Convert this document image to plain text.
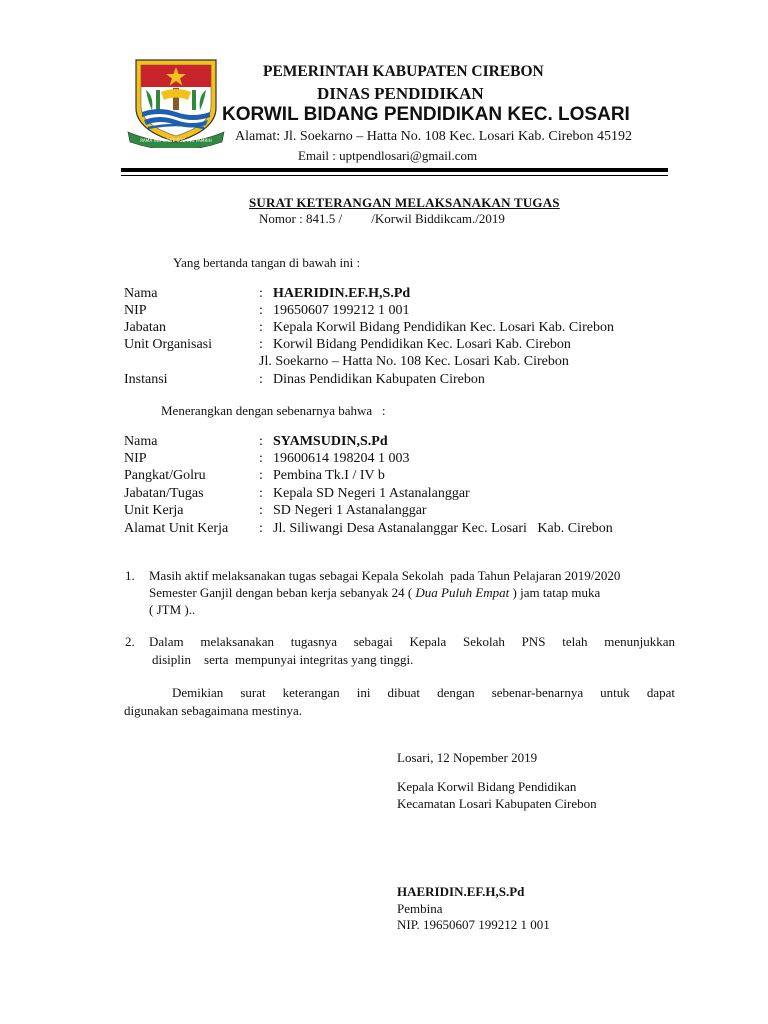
RAMA ING GAWE SUG ING PAMRIH
PEMERINTAH KABUPATEN CIREBON
DINAS PENDIDIKAN
KORWIL BIDANG PENDIDIKAN KEC. LOSARI
Alamat: Jl. Soekarno – Hatta No. 108 Kec. Losari Kab. Cirebon 45192
Email : uptpendlosari@gmail.com
SURAT KETERANGAN MELAKSANAKAN TUGAS
Nomor : 841.5 /         /Korwil Biddikcam./2019
Yang bertanda tangan di bawah ini :
Nama	: HAERIDIN.EF.H,S.Pd
NIP	: 19650607 199212 1 001
Jabatan	: Kepala Korwil Bidang Pendidikan Kec. Losari Kab. Cirebon
Unit Organisasi	: Korwil Bidang Pendidikan Kec. Losari Kab. Cirebon
Jl. Soekarno – Hatta No. 108 Kec. Losari Kab. Cirebon
Instansi	: Dinas Pendidikan Kabupaten Cirebon
Menerangkan dengan sebenarnya bahwa   :
Nama	: SYAMSUDIN,S.Pd
NIP	: 19600614 198204 1 003
Pangkat/Golru	: Pembina Tk.I / IV b
Jabatan/Tugas	: Kepala SD Negeri 1 Astanalanggar
Unit Kerja	: SD Negeri 1 Astanalanggar
Alamat Unit Kerja : Jl. Siliwangi Desa Astanalanggar Kec. Losari   Kab. Cirebon
1. Masih aktif melaksanakan tugas sebagai Kepala Sekolah  pada Tahun Pelajaran 2019/2020
Semester Ganjil dengan beban kerja sebanyak 24 ( Dua Puluh Empat ) jam tatap muka
( JTM )..
2. Dalam melaksanakan tugasnya sebagai Kepala Sekolah PNS telah menunjukkan
disiplin    serta  mempunyai integritas yang tinggi.
Demikian surat keterangan ini dibuat dengan sebenar-benarnya untuk dapat
digunakan sebagaimana mestinya.
Losari, 12 Nopember 2019
Kepala Korwil Bidang Pendidikan
Kecamatan Losari Kabupaten Cirebon
HAERIDIN.EF.H,S.Pd
Pembina
NIP. 19650607 199212 1 001
